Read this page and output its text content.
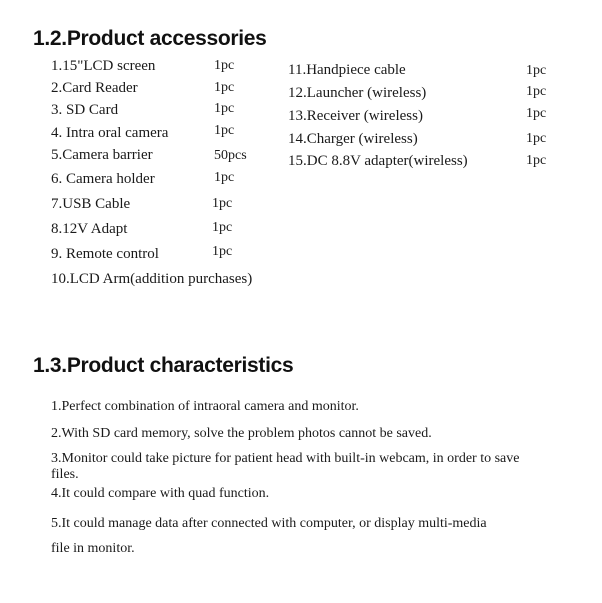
1.2.Product accessories
1.15"LCD screen	1pc
2.Card Reader	1pc
3. SD Card	1pc
4. Intra oral camera	1pc
5.Camera barrier	50pcs
6. Camera holder	1pc
7.USB Cable	1pc
8.12V Adapt	1pc
9. Remote control	1pc
10.LCD Arm(addition purchases)
11.Handpiece cable	1pc
12.Launcher (wireless)	1pc
13.Receiver (wireless)	1pc
14.Charger (wireless)	1pc
15.DC 8.8V adapter(wireless)	1pc
1.3.Product characteristics
1.Perfect combination of intraoral camera and monitor.
2.With SD card memory, solve the problem photos cannot be saved.
3.Monitor could take picture for patient head with built-in webcam, in order to save files.
4.It could compare with quad function.
5.It could manage data after connected with computer, or display multi-media file in monitor.
